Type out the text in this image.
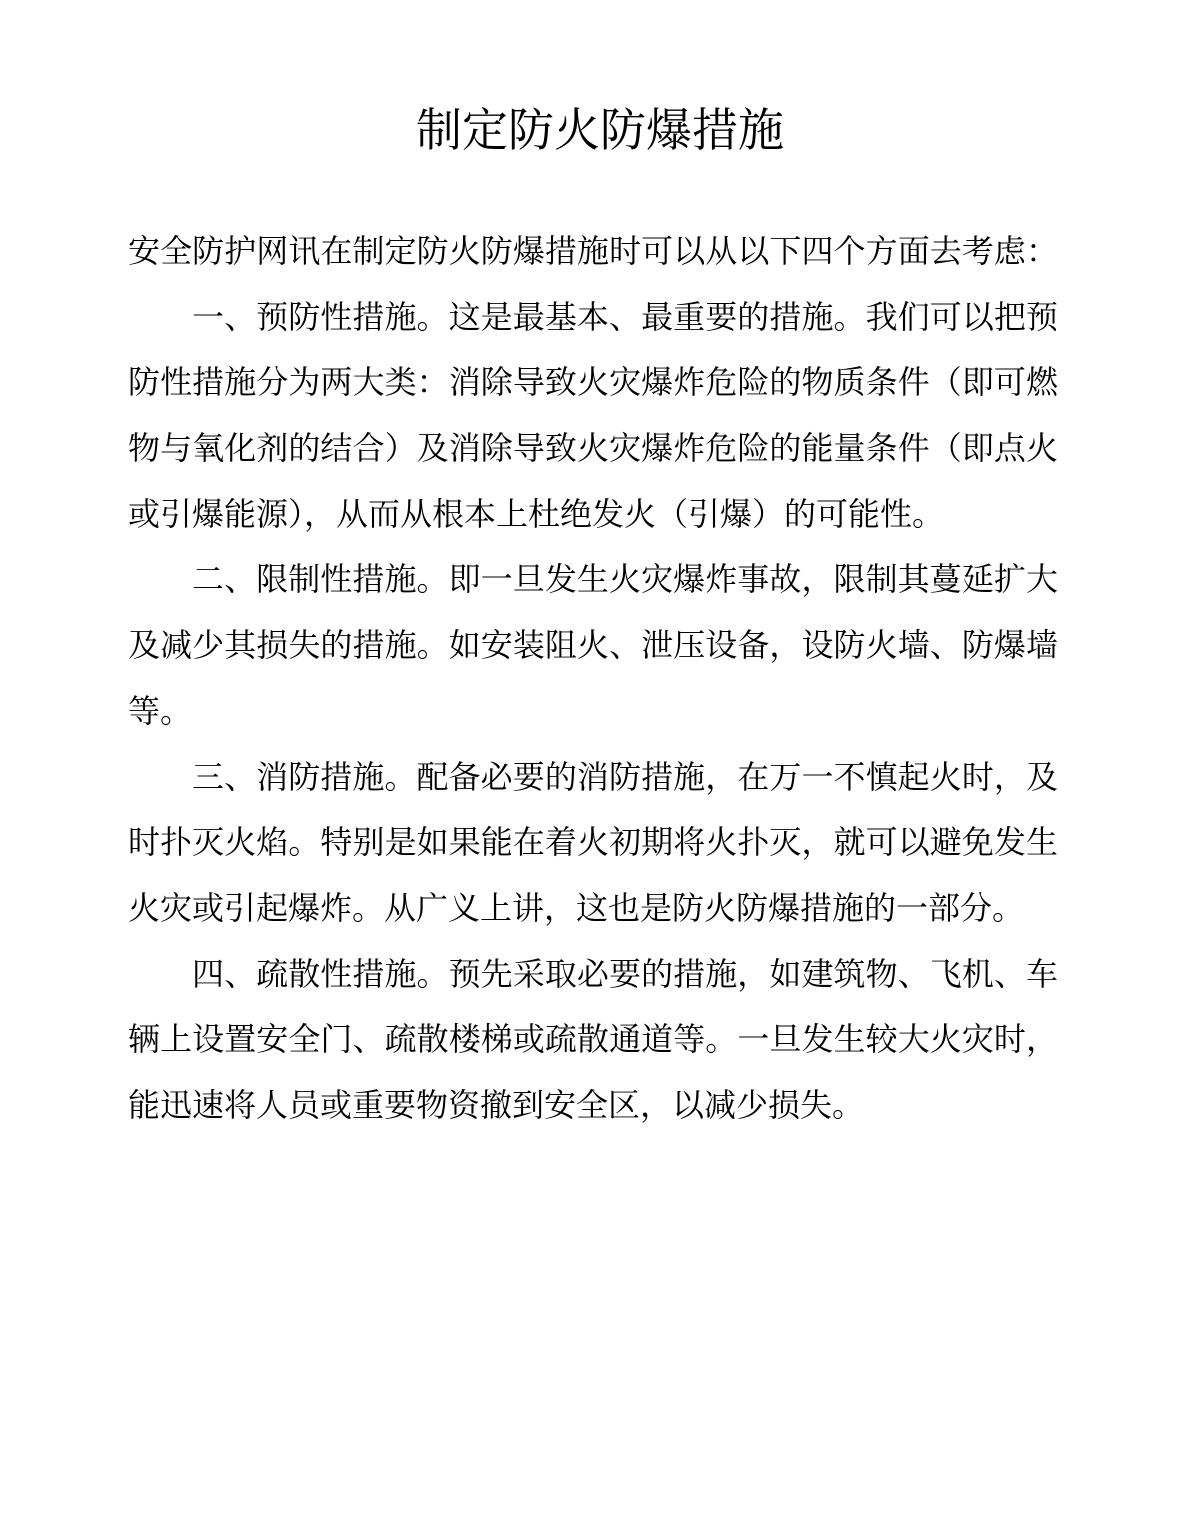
制定防火防爆措施
安全防护网讯在制定防火防爆措施时可以从以下四个方面去考虑：
一、预防性措施。这是最基本、最重要的措施。我们可以把预
防性措施分为两大类：消除导致火灾爆炸危险的物质条件（即可燃
物与氧化剂的结合）及消除导致火灾爆炸危险的能量条件（即点火
或引爆能源），从而从根本上杜绝发火（引爆）的可能性。
二、限制性措施。即一旦发生火灾爆炸事故，限制其蔓延扩大
及减少其损失的措施。如安装阻火、泄压设备，设防火墙、防爆墙
等。
三、消防措施。配备必要的消防措施，在万一不慎起火时，及
时扑灭火焰。特别是如果能在着火初期将火扑灭，就可以避免发生
火灾或引起爆炸。从广义上讲，这也是防火防爆措施的一部分。
四、疏散性措施。预先采取必要的措施，如建筑物、飞机、车
辆上设置安全门、疏散楼梯或疏散通道等。一旦发生较大火灾时，
能迅速将人员或重要物资撤到安全区，以减少损失。
